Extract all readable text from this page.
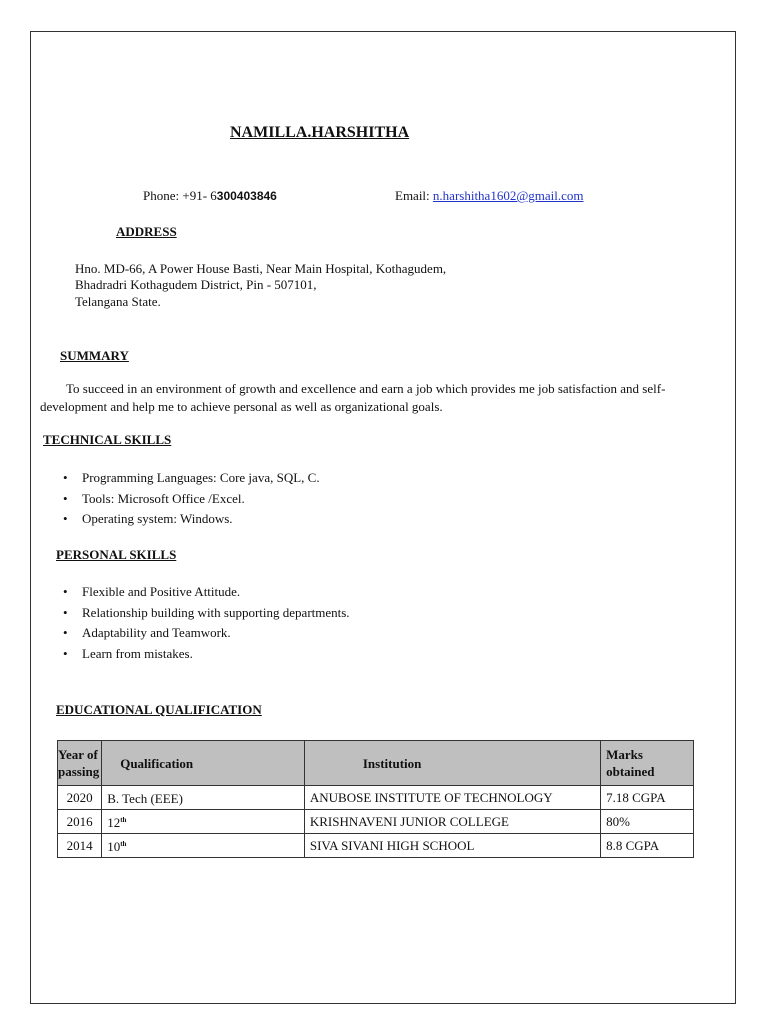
NAMILLA.HARSHITHA
Phone: +91- 6300403846	Email: n.harshitha1602@gmail.com
ADDRESS
Hno. MD-66, A Power House Basti, Near Main Hospital, Kothagudem,
Bhadradri Kothagudem District, Pin - 507101,
Telangana State.
SUMMARY
To succeed in an environment of growth and excellence and earn a job which provides me job satisfaction and self-development and help me to achieve personal as well as organizational goals.
TECHNICAL SKILLS
• Programming Languages: Core java, SQL, C.
• Tools: Microsoft Office /Excel.
• Operating system: Windows.
PERSONAL SKILLS
• Flexible and Positive Attitude.
• Relationship building with supporting departments.
• Adaptability and Teamwork.
• Learn from mistakes.
EDUCATIONAL QUALIFICATION
Year of
passing	Qualification	Institution	Marks
obtained
2020	B. Tech (EEE)	ANUBOSE INSTITUTE OF TECHNOLOGY	7.18 CGPA
2016	12th	KRISHNAVENI JUNIOR COLLEGE	80%
2014	10th	SIVA SIVANI HIGH SCHOOL	8.8 CGPA
